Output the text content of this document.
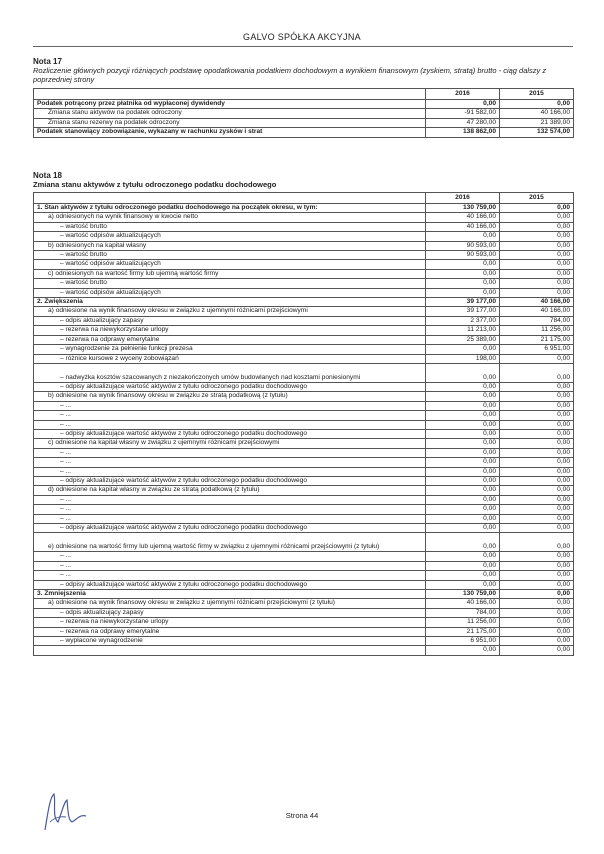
GALVO SPÓŁKA AKCYJNA
Nota 17
Rozliczenie głównych pozycji różniących podstawę opodatkowania podatkiem dochodowym a wynikiem finansowym (zyskiem, stratą) brutto - ciąg dalszy z poprzedniej strony
	2016	2015
Podatek potrącony przez płatnika od wypłaconej dywidendy	0,00	0,00
Zmiana stanu aktywów na podatek odroczony	-91 582,00	40 166,00
Zmiana stanu rezerwy na podatek odroczony	47 280,00	21 389,00
Podatek stanowiący zobowiązanie, wykazany w rachunku zysków i strat	138 862,00	132 574,00
Nota 18
Zmiana stanu aktywów z tytułu odroczonego podatku dochodowego
	2016	2015
1. Stan aktywów z tytułu odroczonego podatku dochodowego na początek okresu, w tym:	130 759,00	0,00
a) odniesionych na wynik finansowy w kwocie netto	40 166,00	0,00
– wartość brutto	40 166,00	0,00
– wartość odpisów aktualizujących	0,00	0,00
b) odniesionych na kapitał własny	90 593,00	0,00
– wartość brutto	90 593,00	0,00
– wartość odpisów aktualizujących	0,00	0,00
c) odniesionych na wartość firmy lub ujemną wartość firmy	0,00	0,00
– wartość brutto	0,00	0,00
– wartość odpisów aktualizujących	0,00	0,00
2. Zwiększenia	39 177,00	40 166,00
a) odniesione na wynik finansowy okresu w związku z ujemnymi różnicami przejściowymi	39 177,00	40 166,00
– odpis aktualizujący zapasy	2 377,00	784,00
– rezerwa na niewykorzystane urlopy	11 213,00	11 256,00
– rezerwa na odprawy emerytalne	25 389,00	21 175,00
– wynagrodzenie za pełnienie funkcji prezesa	0,00	6 951,00
– różnice kursowe z wyceny zobowiązań	198,00	0,00
– nadwyżka kosztów szacowanych z niezakończonych umów budowlanych nad kosztami poniesionymi	0,00	0,00
– odpisy aktualizujące wartość aktywów z tytułu odroczonego podatku dochodowego	0,00	0,00
b) odniesione na wynik finansowy okresu w związku ze stratą podatkową (z tytułu)	0,00	0,00
– ...	0,00	0,00
– ...	0,00	0,00
– ...	0,00	0,00
– odpisy aktualizujące wartość aktywów z tytułu odroczonego podatku dochodowego	0,00	0,00
c) odniesione na kapitał własny w związku z ujemnymi różnicami przejściowymi	0,00	0,00
– ...	0,00	0,00
– ...	0,00	0,00
– ...	0,00	0,00
– odpisy aktualizujące wartość aktywów z tytułu odroczonego podatku dochodowego	0,00	0,00
d) odniesione na kapitał własny w związku ze stratą podatkową (z tytułu)	0,00	0,00
– ...	0,00	0,00
– ...	0,00	0,00
– ...	0,00	0,00
– odpisy aktualizujące wartość aktywów z tytułu odroczonego podatku dochodowego	0,00	0,00
e) odniesione na wartość firmy lub ujemną wartość firmy w związku z ujemnymi różnicami przejściowymi (z tytułu)	0,00	0,00
– ...	0,00	0,00
– ...	0,00	0,00
– ...	0,00	0,00
– odpisy aktualizujące wartość aktywów z tytułu odroczonego podatku dochodowego	0,00	0,00
3. Zmniejszenia	130 759,00	0,00
a) odniesione na wynik finansowy okresu w związku z ujemnymi różnicami przejściowymi (z tytułu)	40 166,00	0,00
– odpis aktualizujący zapasy	784,00	0,00
– rezerwa na niewykorzystane urlopy	11 256,00	0,00
– rezerwa na odprawy emerytalne	21 175,00	0,00
– wypłacone wynagrodzenie	6 951,00	0,00
	0,00	0,00
Strona 44
